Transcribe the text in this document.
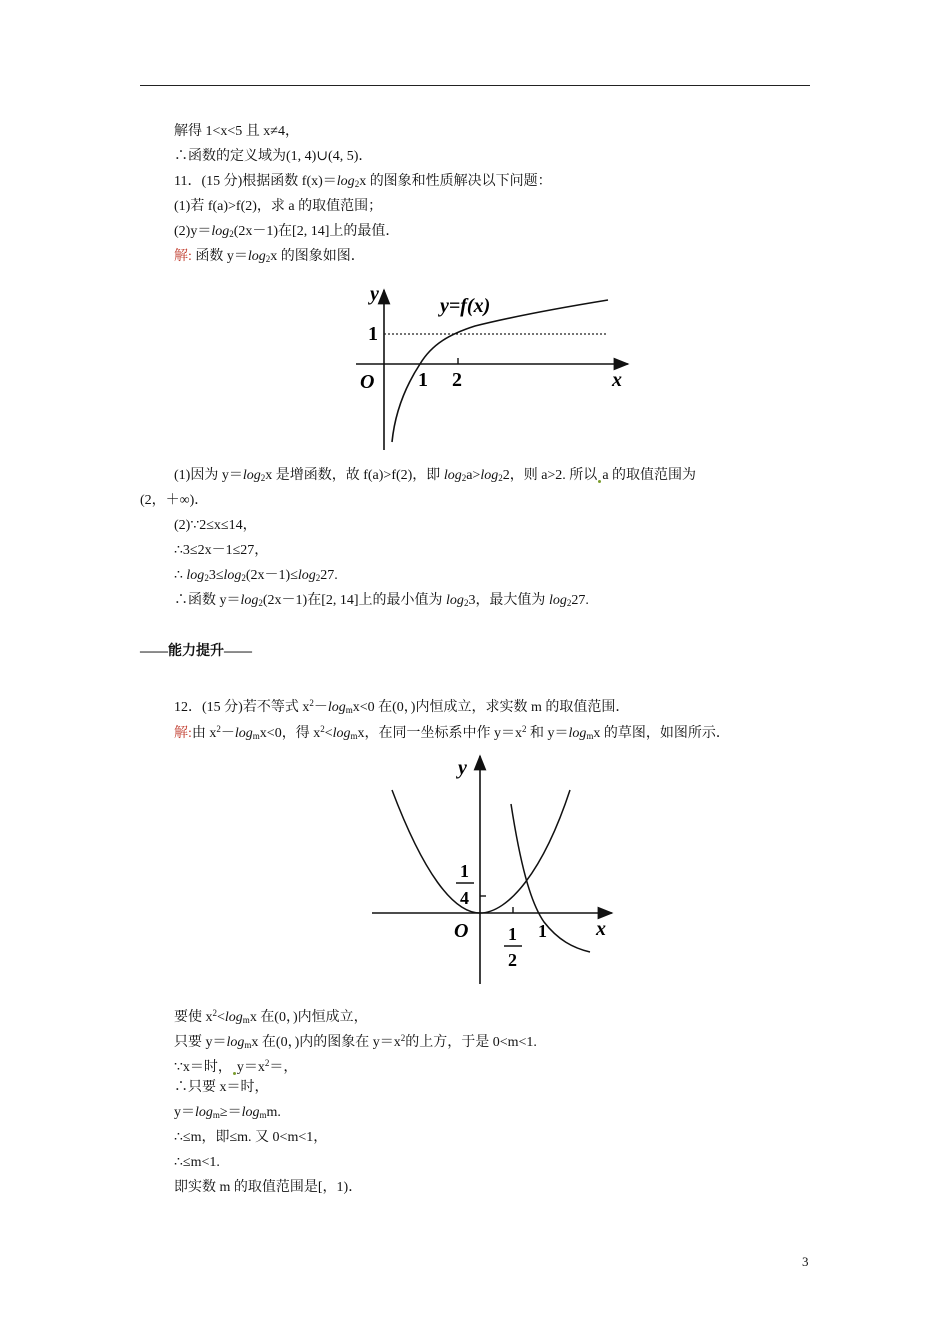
解得 1<x<5 且 x≠4，
∴函数的定义域为(1, 4)∪(4, 5)．
11．(15 分)根据函数 $f(x)=\log_2x$ 的图象和性质解决以下问题：
(1)若 f(a)>f(2)，求 a 的取值范围；
$(2)y=\log_2(2x-1)$在[2, 14]上的最值．
解: 函数 $y=\log_2x$ 的图象如图．
y
x
O
y=f(x)
1
1 2
(1)因为 $y=\log_2x$ 是增函数，故 f(a)>f(2)，即 $\log_2a>\log_22$，则 a>2. 所以 a 的取值范围为
(2，＋∞)．
(2)∵2≤x≤14，
∴3≤2x－1≤27，
∴ $\log_23\le\log_2(2x-1)\le\log_227$.
∴函数 $y=\log_2(2x-1)$在[2, 14]上的最小值为 $\log_23$，最大值为 $\log_227$.
——能力提升——
12．(15 分)若不等式 $x^2-\log_mx<0$ 在(0，)内恒成立，求实数 m 的取值范围．
解:由 $x^2-\log_mx<0$，得 $x^2<\log_mx$，在同一坐标系中作 $y=x^2$ 和 $y=\log_mx$ 的草图，如图所示．
y
x
O
1
4
1
2
1
要使 $x^2<\log_mx$ 在(0，)内恒成立，
只要 $y=\log_mx$ 在(0，)内的图象在 $y=x^2$的上方，于是 0<m<1.
∵x＝时， $y=x^2=$，
∴只要 x＝时，
$y=\log_m\ge=\log_mm$.
∴≤m，即≤m. 又 0<m<1，
∴≤m<1.
即实数 m 的取值范围是[，1)．
3
